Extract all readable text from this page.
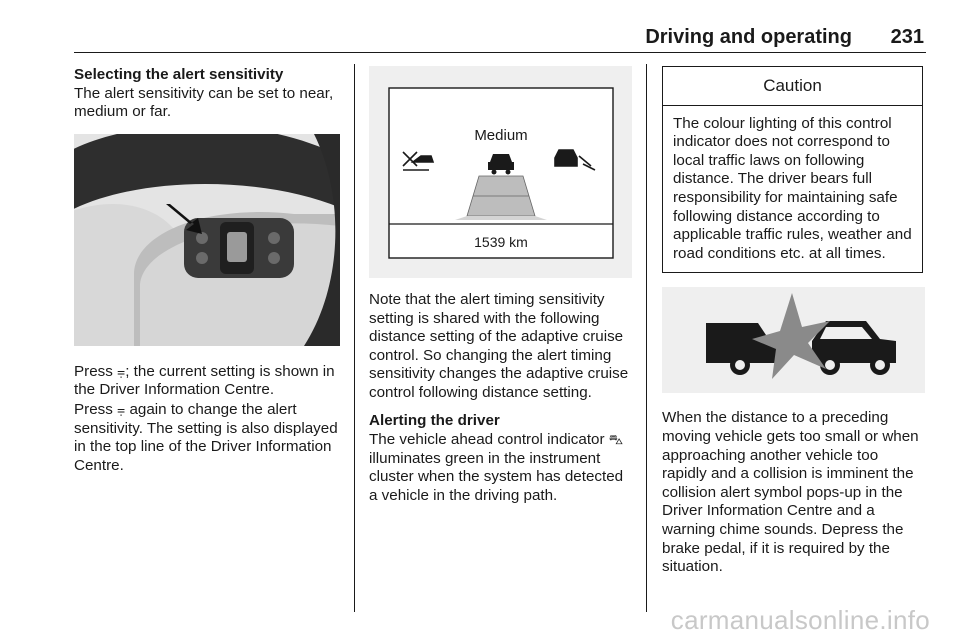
Driving and operating 231

Selecting the alert sensitivity

The alert sensitivity can be set to near, medium or far.

Press ⩦; the current setting is shown in the Driver Information Centre.

Press ⩦ again to change the alert sensitivity. The setting is also displayed in the top line of the Driver Information Centre.

Medium
1539 km

Note that the alert timing sensitivity setting is shared with the following distance setting of the adaptive cruise control. So changing the alert timing sensitivity changes the adaptive cruise control following distance setting.

Alerting the driver

The vehicle ahead control indicator ⛍ illuminates green in the instrument cluster when the system has detected a vehicle in the driving path.

Caution
The colour lighting of this control indicator does not correspond to local traffic laws on following distance. The driver bears full responsibility for maintaining safe following distance according to applicable traffic rules, weather and road conditions etc. at all times.

When the distance to a preceding moving vehicle gets too small or when approaching another vehicle too rapidly and a collision is imminent the collision alert symbol pops-up in the Driver Information Centre and a warning chime sounds. Depress the brake pedal, if it is required by the situation.

carmanualsonline.info
